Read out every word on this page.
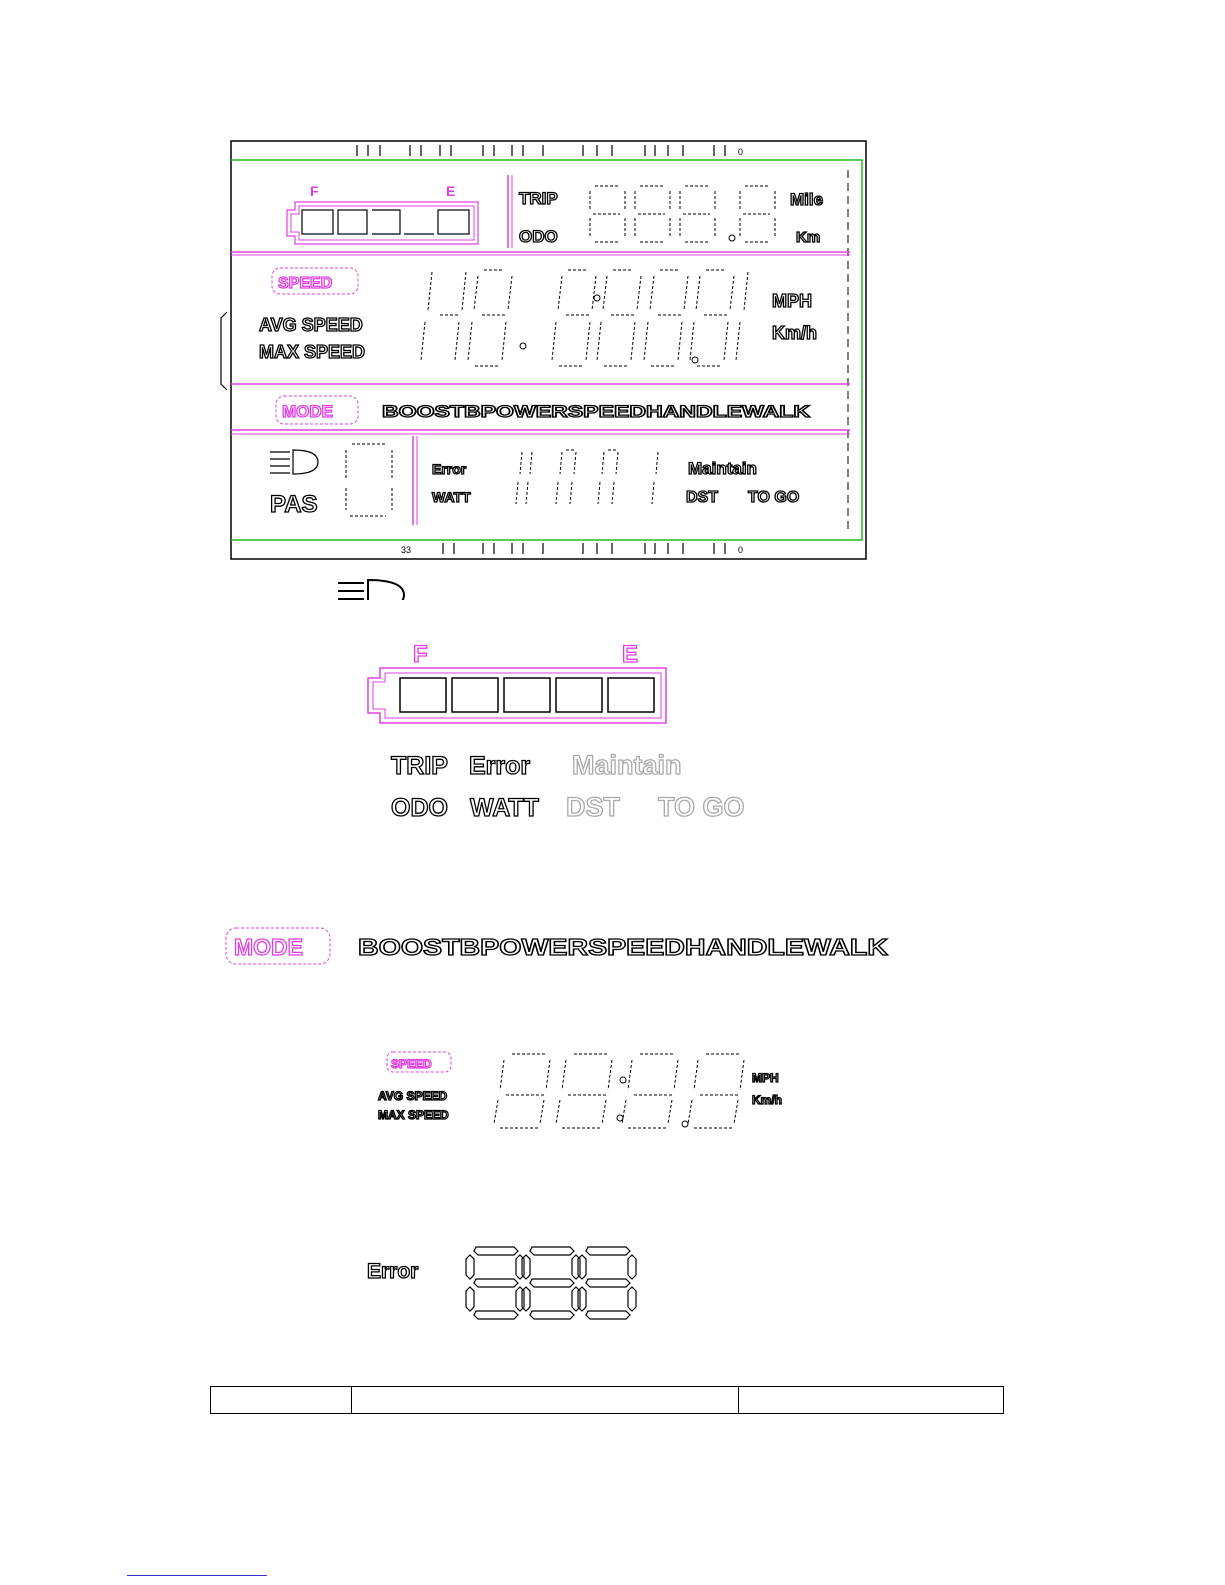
0
33	0
F	E	TRIP
ODO
Mile
Km
SPEED
AVG SPEED
MAX SPEED
MPH
Km/h
MODE	BOOSTBPOWERSPEEDHANDLEWALK
PAS
Error
WATT
Maintain
DST TO GO
F	E
TRIP Error Maintain
ODO WATT DST TO GO
MODE BOOSTBPOWERSPEEDHANDLEWALK
SPEED
AVG SPEED
MAX SPEED
MPH
Km/h
Error
